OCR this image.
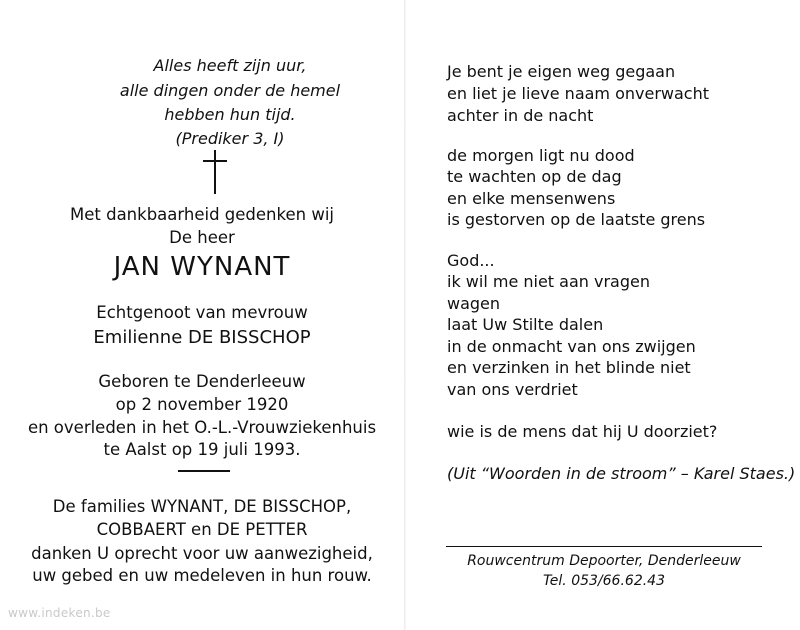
Alles heeft zijn uur,
alle dingen onder de hemel
hebben hun tijd.
(Prediker 3, I)
Met dankbaarheid gedenken wij
De heer
JAN WYNANT
Echtgenoot van mevrouw
Emilienne DE BISSCHOP
Geboren te Denderleeuw
op 2 november 1920
en overleden in het O.-L.-Vrouwziekenhuis
te Aalst op 19 juli 1993.
De families WYNANT, DE BISSCHOP,
COBBAERT en DE PETTER
danken U oprecht voor uw aanwezigheid,
uw gebed en uw medeleven in hun rouw.
Je bent je eigen weg gegaan
en liet je lieve naam onverwacht
achter in de nacht
de morgen ligt nu dood
te wachten op de dag
en elke mensenwens
is gestorven op de laatste grens
God...
ik wil me niet aan vragen
wagen
laat Uw Stilte dalen
in de onmacht van ons zwijgen
en verzinken in het blinde niet
van ons verdriet
wie is de mens dat hij U doorziet?
(Uit “Woorden in de stroom” – Karel Staes.)
Rouwcentrum Depoorter, Denderleeuw
Tel. 053/66.62.43
www.indeken.be
